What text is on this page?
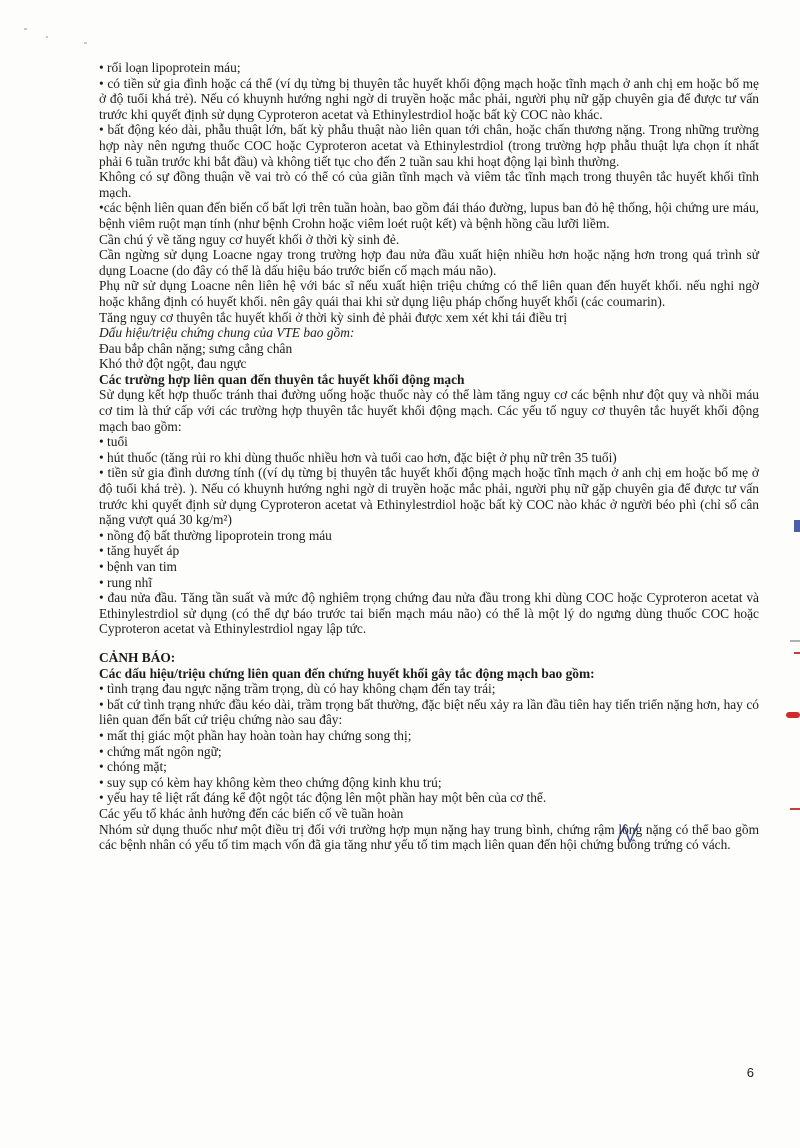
• rối loạn lipoprotein máu;

• có tiền sử gia đình hoặc cá thể (ví dụ từng bị thuyên tắc huyết khối động mạch hoặc tĩnh mạch ở anh chị em hoặc bố mẹ ở độ tuổi khá trẻ). Nếu có khuynh hướng nghi ngờ di truyền hoặc mắc phải, người phụ nữ gặp chuyên gia để được tư vấn trước khi quyết định sử dụng Cyproteron acetat và Ethinylestrdiol hoặc bất kỳ COC nào khác.

• bất động kéo dài, phẫu thuật lớn, bất kỳ phẫu thuật nào liên quan tới chân, hoặc chấn thương nặng. Trong những trường hợp này nên ngưng thuốc COC hoặc Cyproteron acetat và Ethinylestrdiol (trong trường hợp phẫu thuật lựa chọn ít nhất phải 6 tuần trước khi bắt đầu) và không tiết tục cho đến 2 tuần sau khi hoạt động lại bình thường.

Không có sự đồng thuận về vai trò có thể có của giãn tĩnh mạch và viêm tắc tĩnh mạch trong thuyên tắc huyết khối tĩnh mạch.

•các bệnh liên quan đến biến cố bất lợi trên tuần hoàn, bao gồm đái tháo đường, lupus ban đỏ hệ thống, hội chứng ure máu, bệnh viêm ruột mạn tính (như bệnh Crohn hoặc viêm loét ruột kết) và bệnh hồng cầu lưỡi liềm.

Cần chú ý về tăng nguy cơ huyết khối ở thời kỳ sinh đẻ.

Cần ngừng sử dụng Loacne ngay trong trường hợp đau nửa đầu xuất hiện nhiều hơn hoặc nặng hơn trong quá trình sử dụng Loacne (do đây có thể là dấu hiệu báo trước biến cố mạch máu não).

Phụ nữ sử dụng Loacne nên liên hệ với bác sĩ nếu xuất hiện triệu chứng có thể liên quan đến huyết khối. nếu nghi ngờ hoặc khẳng định có huyết khối. nên gây quái thai khi sử dụng liệu pháp chống huyết khối (các coumarin).

Tăng nguy cơ thuyên tắc huyết khối ở thời kỳ sinh đẻ phải được xem xét khi tái điều trị

Dấu hiệu/triệu chứng chung của VTE bao gồm:

Đau bắp chân nặng; sưng cẳng chân

Khó thở đột ngột, đau ngực

Các trường hợp liên quan đến thuyên tắc huyết khối động mạch

Sử dụng kết hợp thuốc tránh thai đường uống hoặc thuốc này có thể làm tăng nguy cơ các bệnh như đột quỵ và nhồi máu cơ tim là thứ cấp với các trường hợp thuyên tắc huyết khối động mạch. Các yếu tố nguy cơ thuyên tắc huyết khối động mạch bao gồm:

• tuổi

• hút thuốc (tăng rủi ro khi dùng thuốc nhiều hơn và tuổi cao hơn, đặc biệt ở phụ nữ trên 35 tuổi)

• tiền sử gia đình dương tính ((ví dụ từng bị thuyên tắc huyết khối động mạch hoặc tĩnh mạch ở anh chị em hoặc bố mẹ ở độ tuổi khá trẻ). ). Nếu có khuynh hướng nghi ngờ di truyền hoặc mắc phải, người phụ nữ gặp chuyên gia để được tư vấn trước khi quyết định sử dụng Cyproteron acetat và Ethinylestrdiol hoặc bất kỳ COC nào khác ở người béo phì (chỉ số cân nặng vượt quá 30 kg/m²)

• nồng độ bất thường lipoprotein trong máu

• tăng huyết áp

• bệnh van tim

• rung nhĩ

• đau nửa đầu. Tăng tần suất và mức độ nghiêm trọng chứng đau nửa đầu trong khi dùng COC hoặc Cyproteron acetat và Ethinylestrdiol sử dụng (có thể dự báo trước tai biến mạch máu não) có thể là một lý do ngưng dùng thuốc COC hoặc Cyproteron acetat và Ethinylestrdiol ngay lập tức.

CẢNH BÁO:

Các dấu hiệu/triệu chứng liên quan đến chứng huyết khối gây tắc động mạch bao gồm:

• tình trạng đau ngực nặng trầm trọng, dù có hay không chạm đến tay trái;

• bất cứ tình trạng nhức đầu kéo dài, trầm trọng bất thường, đặc biệt nếu xảy ra lần đầu tiên hay tiến triển nặng hơn, hay có liên quan đến bất cứ triệu chứng nào sau đây:

• mất thị giác một phần hay hoàn toàn hay chứng song thị;

• chứng mất ngôn ngữ;

• chóng mặt;

• suy sụp có kèm hay không kèm theo chứng động kinh khu trú;

• yếu hay tê liệt rất đáng kể đột ngột tác động lên một phần hay một bên của cơ thể.

Các yếu tố khác ảnh hưởng đến các biến cố về tuần hoàn

Nhóm sử dụng thuốc như một điều trị đối với trường hợp mụn nặng hay trung bình, chứng rậm lông nặng có thể bao gồm các bệnh nhân có yếu tố tim mạch vốn đã gia tăng như yếu tố tim mạch liên quan đến hội chứng buồng trứng có vách.

6
